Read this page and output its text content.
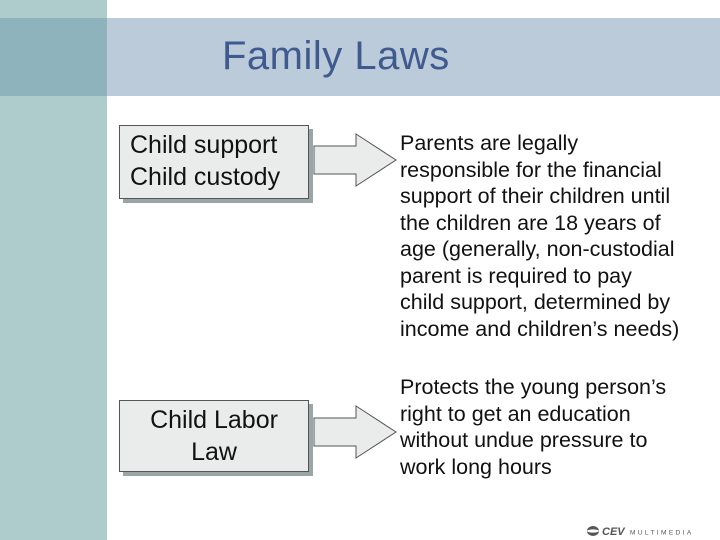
Family Laws
Child support
Child custody
Parents are legally
responsible for the financial
support of their children until
the children are 18 years of
age (generally, non-custodial
parent is required to pay
child support, determined by
income and children’s needs)
Child Labor
Law
Protects the young person’s
right to get an education
without undue pressure to
work long hours
CEV MULTIMEDIA
